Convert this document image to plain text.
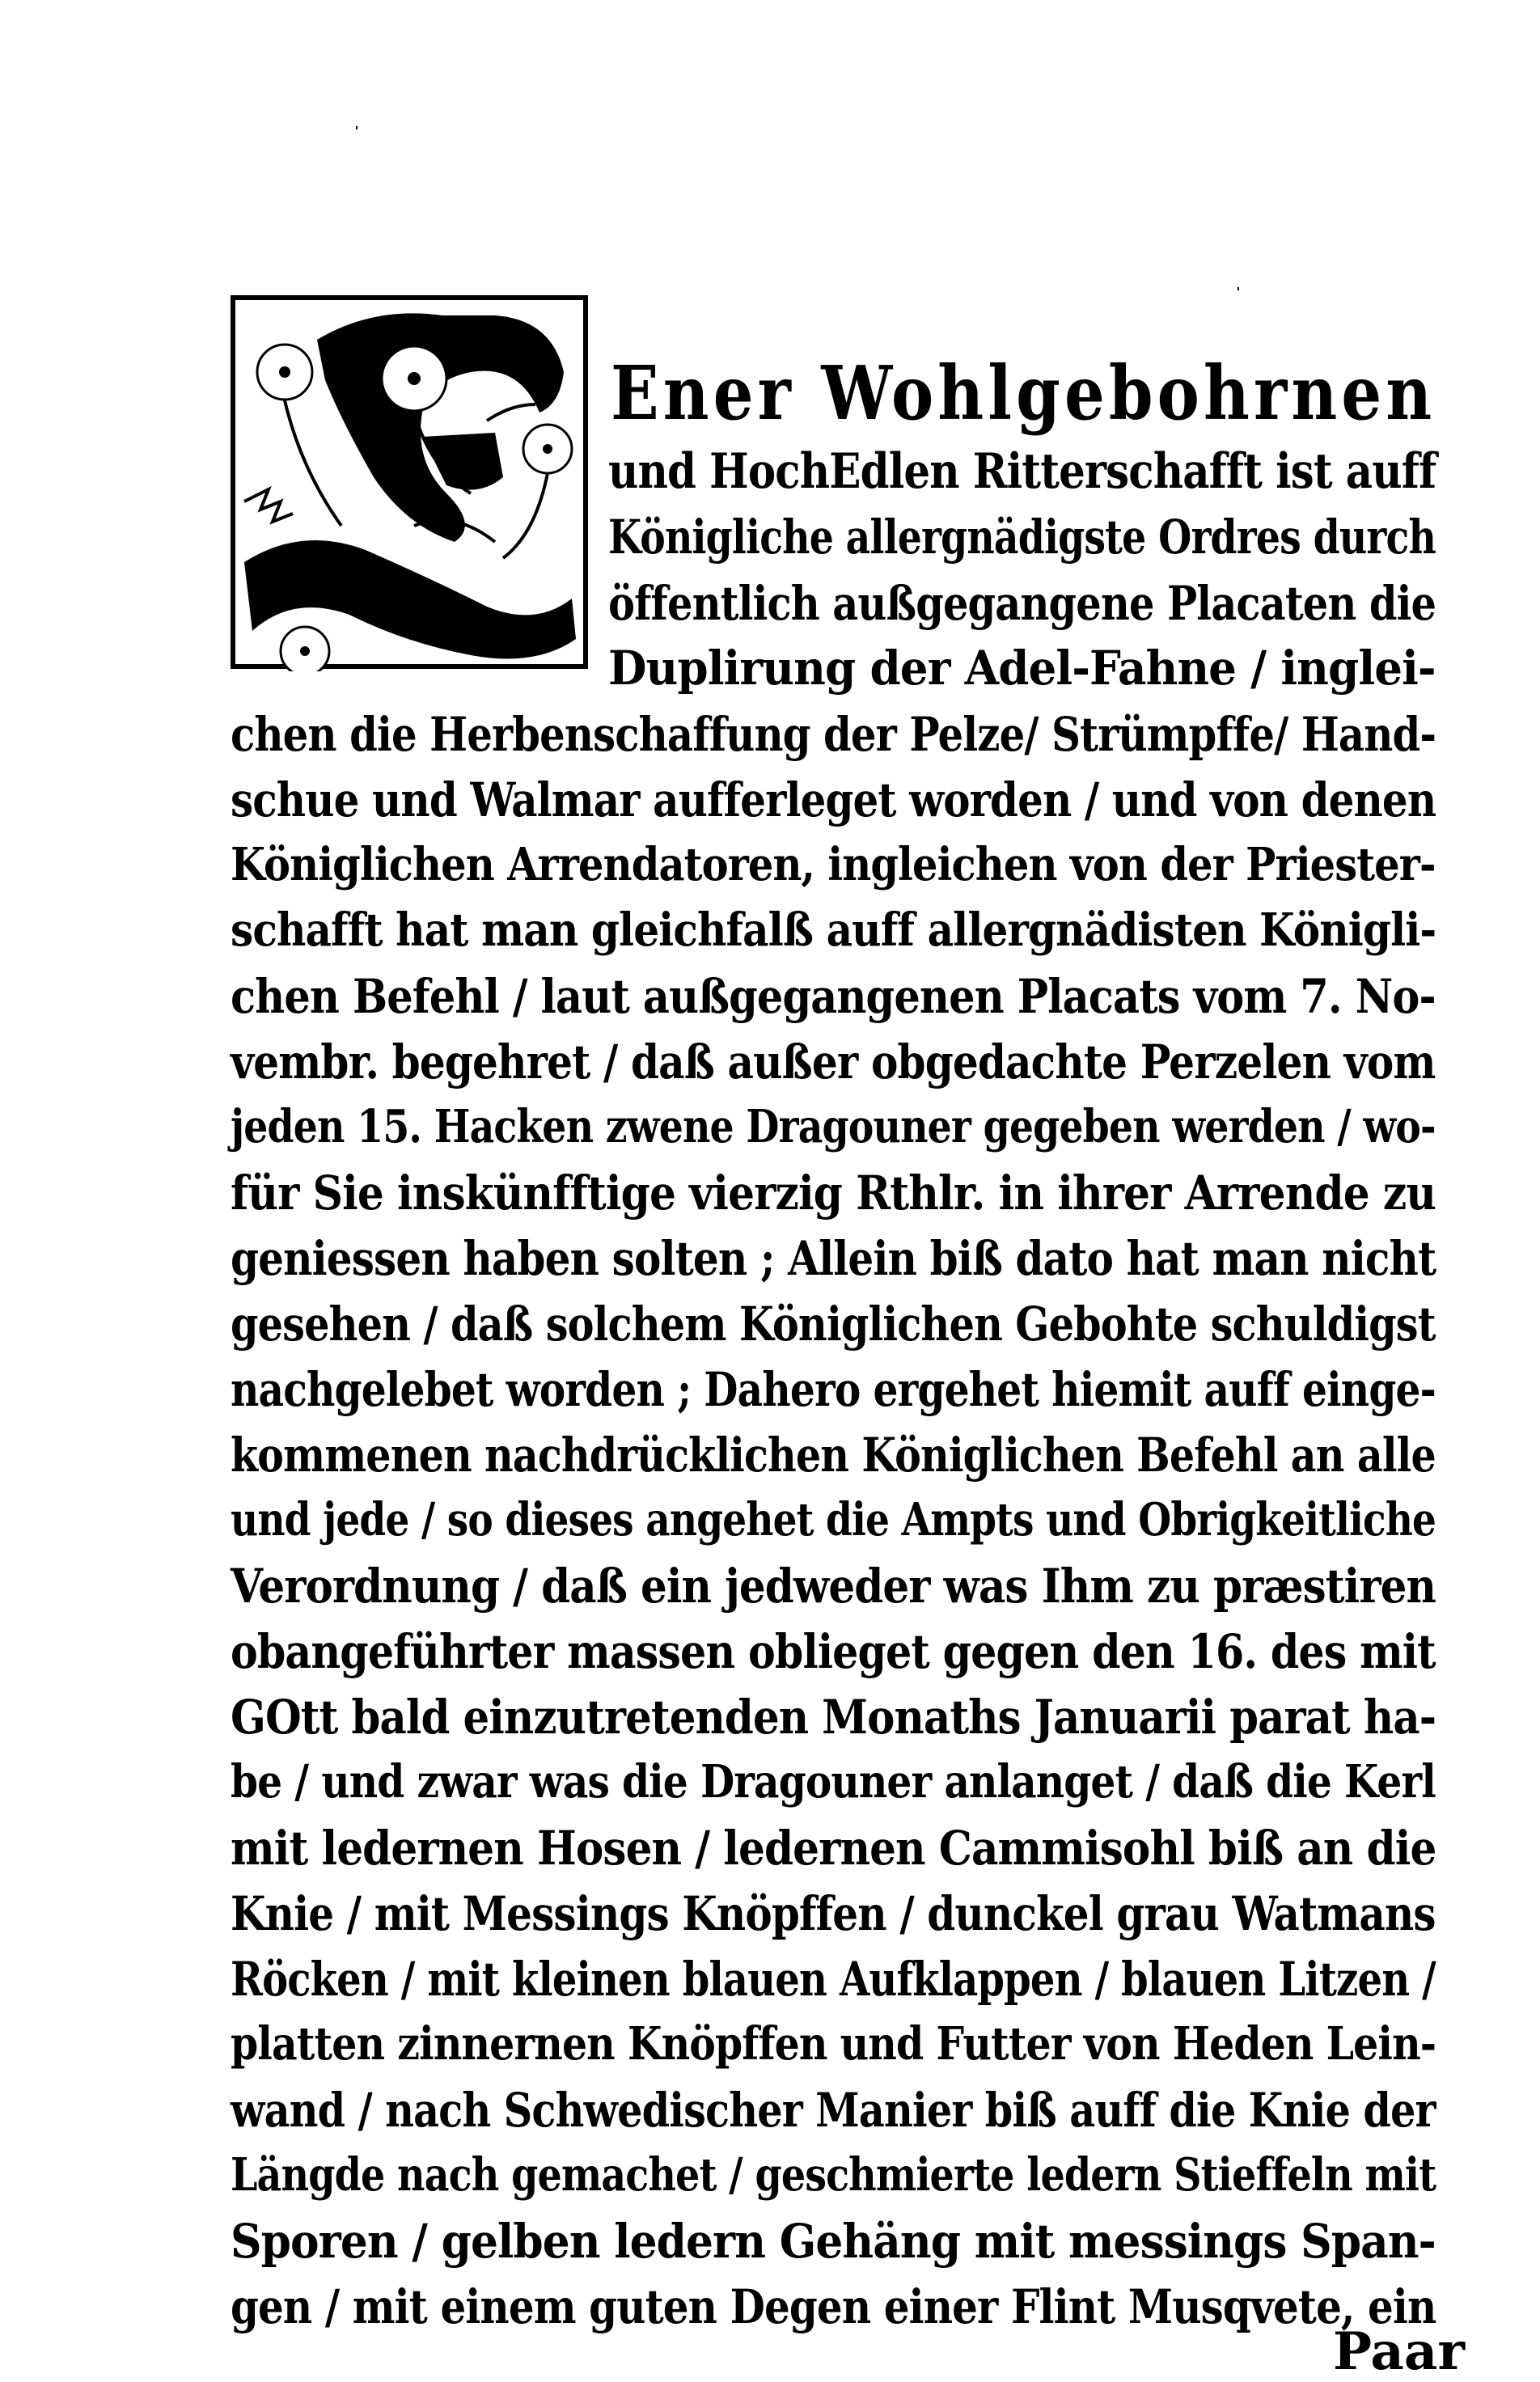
Ener Wohlgebohrnen
und HochEdlen Ritterschafft ist auff
Königliche allergnädigste Ordres durch
öffentlich außgegangene Placaten die
Duplirung der Adel-Fahne / inglei-
chen die Herbenschaffung der Pelze/ Strümpffe/ Hand-
schue und Walmar aufferleget worden / und von denen
Königlichen Arrendatoren, ingleichen von der Priester-
schafft hat man gleichfalß auff allergnädisten Königli-
chen Befehl / laut außgegangenen Placats vom 7. No-
vembr. begehret / daß außer obgedachte Perzelen vom
jeden 15. Hacken zwene Dragouner gegeben werden / wo-
für Sie inskünfftige vierzig Rthlr. in ihrer Arrende zu
geniessen haben solten ; Allein biß dato hat man nicht
gesehen / daß solchem Königlichen Gebohte schuldigst
nachgelebet worden ; Dahero ergehet hiemit auff einge-
kommenen nachdrücklichen Königlichen Befehl an alle
und jede / so dieses angehet die Ampts und Obrigkeitliche
Verordnung / daß ein jedweder was Ihm zu præstiren
obangeführter massen oblieget gegen den 16. des mit
GOtt bald einzutretenden Monaths Januarii parat ha-
be / und zwar was die Dragouner anlanget / daß die Kerl
mit ledernen Hosen / ledernen Cammisohl biß an die
Knie / mit Messings Knöpffen / dunckel grau Watmans
Röcken / mit kleinen blauen Aufklappen / blauen Litzen /
platten zinnernen Knöpffen und Futter von Heden Lein-
wand / nach Schwedischer Manier biß auff die Knie der
Längde nach gemachet / geschmierte ledern Stieffeln mit
Sporen / gelben ledern Gehäng mit messings Span-
gen / mit einem guten Degen einer Flint Musqvete, ein
Paar
